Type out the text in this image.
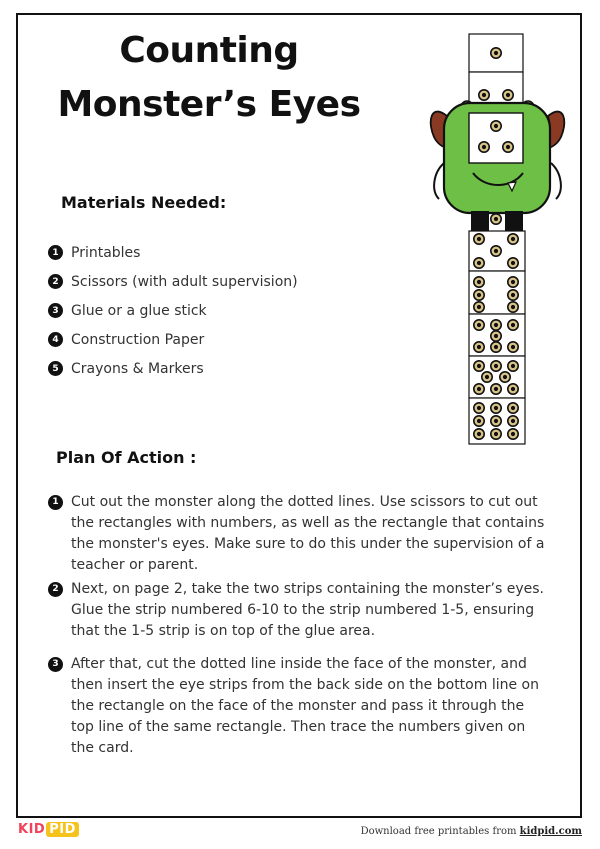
Counting Monster’s Eyes
Materials Needed:
1 Printables
2 Scissors (with adult supervision)
3 Glue or a glue stick
4 Construction Paper
5 Crayons & Markers
Plan Of Action :
1 Cut out the monster along the dotted lines. Use scissors to cut out the rectangles with numbers, as well as the rectangle that contains the monster's eyes. Make sure to do this under the supervision of a teacher or parent.
2 Next, on page 2, take the two strips containing the monster’s eyes. Glue the strip numbered 6-10 to the strip numbered 1-5, ensuring that the 1-5 strip is on top of the glue area.
3 After that, cut the dotted line inside the face of the monster, and then insert the eye strips from the back side on the bottom line on the rectangle on the face of the monster and pass it through the top line of the same rectangle. Then trace the numbers given on the card.
KID PID	Download free printables from kidpid.com
